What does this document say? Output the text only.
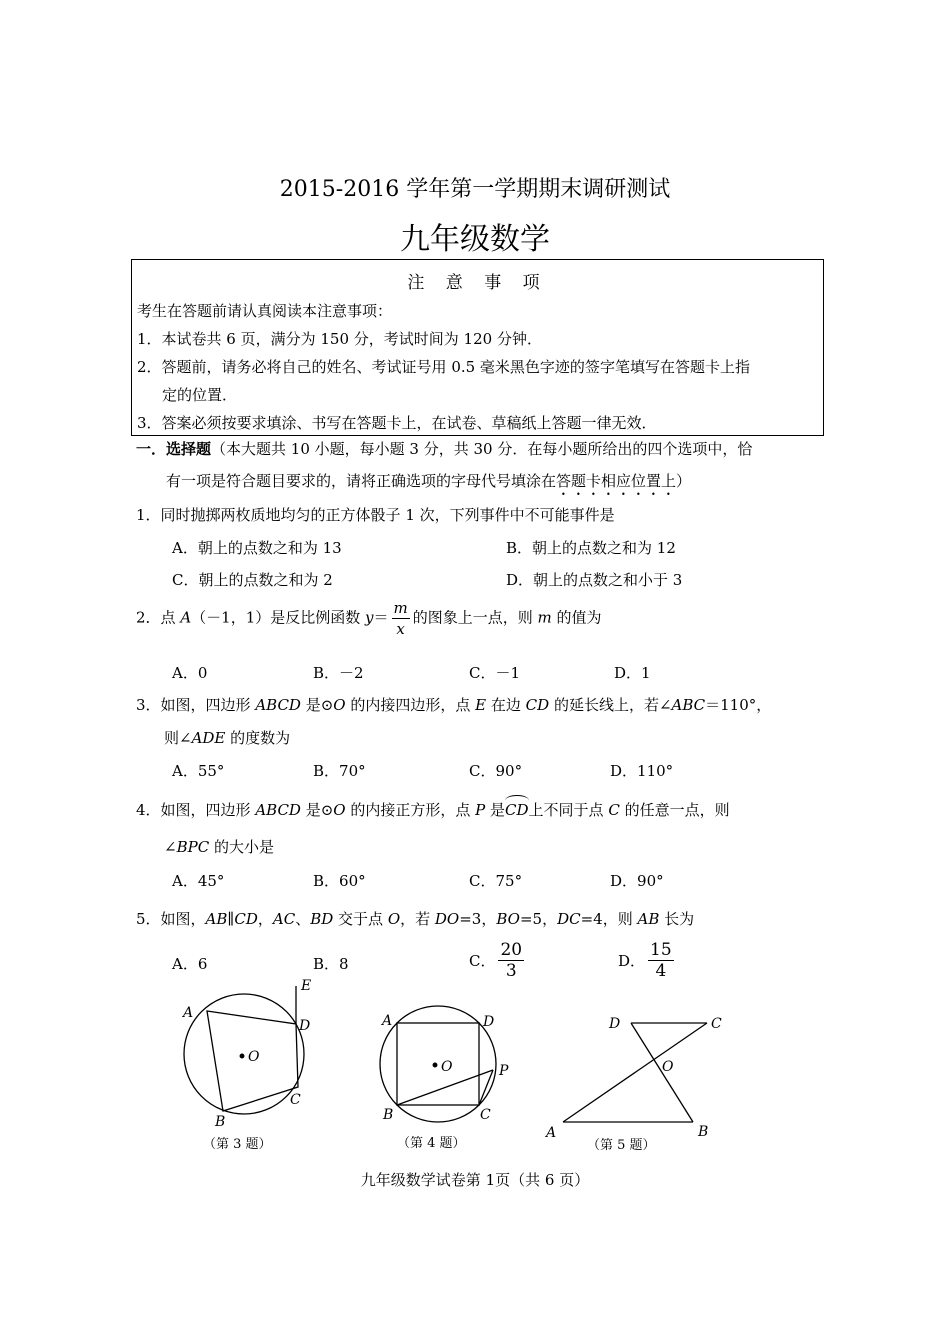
2015-2016 学年第一学期期末调研测试
九年级数学
注 意 事 项
考生在答题前请认真阅读本注意事项：
1．本试卷共 6 页，满分为 150 分，考试时间为 120 分钟．
2．答题前，请务必将自己的姓名、考试证号用 0.5 毫米黑色字迹的签字笔填写在答题卡上指
定的位置．
3．答案必须按要求填涂、书写在答题卡上，在试卷、草稿纸上答题一律无效．
一．选择题（本大题共 10 小题，每小题 3 分，共 30 分．在每小题所给出的四个选项中，恰
有一项是符合题目要求的，请将正确选项的字母代号填涂在答题卡相应位置上）
1．同时抛掷两枚质地均匀的正方体骰子 1 次，下列事件中不可能事件是
A．朝上的点数之和为 13	B．朝上的点数之和为 12
C．朝上的点数之和为 2	D．朝上的点数之和小于 3
2．点 A（－1，1）是反比例函数 $y= \frac{m}{x}$ 的图象上一点，则 m 的值为
A．0	B．－2	C．－1	D．1
3．如图，四边形 ABCD 是⊙O 的内接四边形，点 E 在边 CD 的延长线上，若∠ABC＝110°，
则∠ADE 的度数为
A．55°	B．70°	C．90°	D．110°
4．如图，四边形 ABCD 是⊙O 的内接正方形，点 P 是CD上不同于点 C 的任意一点，则
∠BPC 的大小是
A．45°	B．60°	C．75°	D．90°
5．如图，AB∥CD，AC、BD 交于点 O，若 DO=3，BO=5，DC=4，则 AB 长为
A．6	B．8	C． $\frac{20}{3}$	D． $\frac{15}{4}$
A
E
D
O
C
B
（第 3 题）
A	D
O	P
B	C
（第 4 题）
D	C
O
A	B
（第 5 题）
九年级数学试卷第 1页（共 6 页）
